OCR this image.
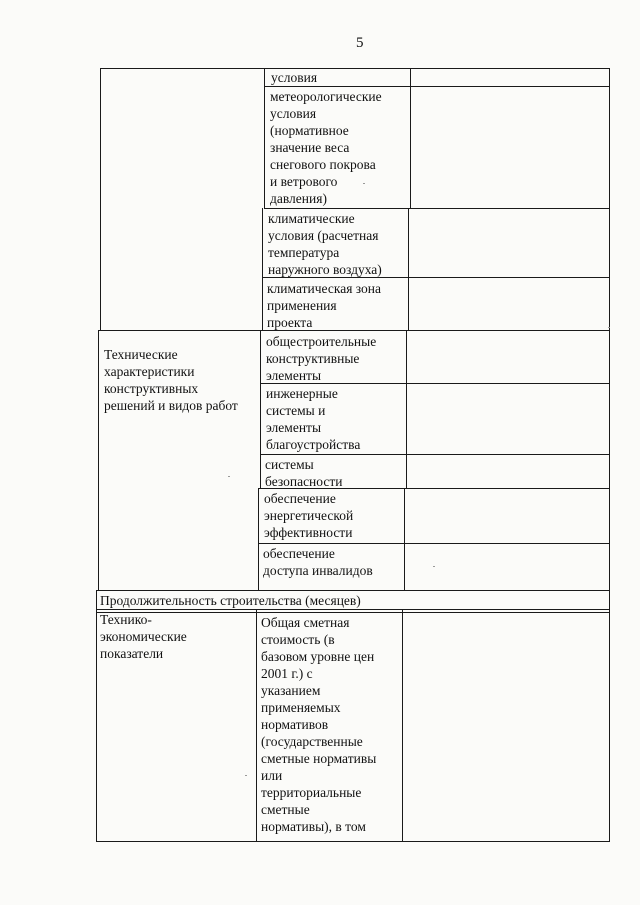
5
условия
метеорологические
условия
(нормативное
значение веса
снегового покрова
и ветрового
давления)
климатические
условия (расчетная
температура
наружного воздуха)
климатическая зона
применения
проекта
Технические
характеристики
конструктивных
решений и видов работ
общестроительные
конструктивные
элементы
инженерные
системы и
элементы
благоустройства
системы
безопасности
обеспечение
энергетической
эффективности
обеспечение
доступа инвалидов
Продолжительность строительства (месяцев)
Технико-
экономические
показатели
Общая сметная
стоимость (в
базовом уровне цен
2001 г.) с
указанием
применяемых
нормативов
(государственные
сметные нормативы
или
территориальные
сметные
нормативы), в том
